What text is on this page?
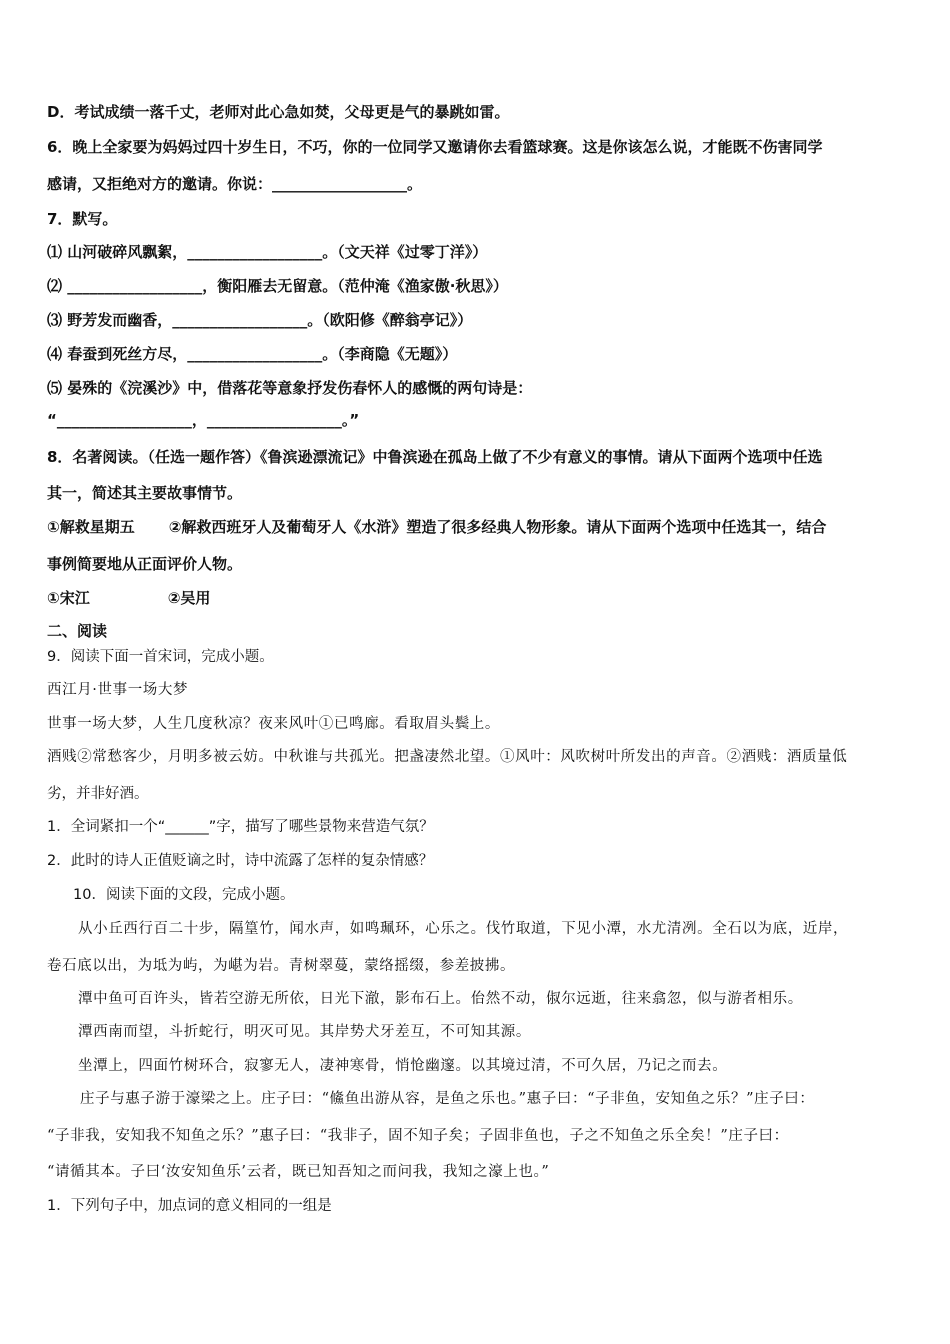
D．考试成绩一落千丈，老师对此心急如焚，父母更是气的暴跳如雷。
6．晚上全家要为妈妈过四十岁生日，不巧，你的一位同学又邀请你去看篮球赛。这是你该怎么说，才能既不伤害同学
感请，又拒绝对方的邀请。你说：__________________。
7．默写。
⑴ 山河破碎风飘絮，__________________。（文天祥《过零丁洋》）
⑵ __________________，衡阳雁去无留意。（范仲淹《渔家傲·秋思》）
⑶ 野芳发而幽香，__________________。（欧阳修《醉翁亭记》）
⑷ 春蚕到死丝方尽，__________________。（李商隐《无题》）
⑸ 晏殊的《浣溪沙》中，借落花等意象抒发伤春怀人的感慨的两句诗是：
“__________________，__________________。”
8．名著阅读。（任选一题作答）《鲁滨逊漂流记》中鲁滨逊在孤岛上做了不少有意义的事情。请从下面两个选项中任选
其一，简述其主要故事情节。
①解救星期五 ②解救西班牙人及葡萄牙人《水浒》塑造了很多经典人物形象。请从下面两个选项中任选其一，结合
事例简要地从正面评价人物。
①宋江	②吴用
二、阅读
9．阅读下面一首宋词，完成小题。
西江月·世事一场大梦
世事一场大梦，人生几度秋凉？夜来风叶①已鸣廊。看取眉头鬓上。
酒贱②常愁客少，月明多被云妨。中秋谁与共孤光。把盏凄然北望。①风叶：风吹树叶所发出的声音。②酒贱：酒质量低
劣，并非好酒。
1．全词紧扣一个“______”字，描写了哪些景物来营造气氛？
2．此时的诗人正值贬谪之时，诗中流露了怎样的复杂情感？
10．阅读下面的文段，完成小题。
从小丘西行百二十步，隔篁竹，闻水声，如鸣珮环，心乐之。伐竹取道，下见小潭，水尤清冽。全石以为底，近岸，
卷石底以出，为坻为屿，为嵁为岩。青树翠蔓，蒙络摇缀，参差披拂。
潭中鱼可百许头，皆若空游无所依，日光下澈，影布石上。佁然不动，俶尔远逝，往来翕忽，似与游者相乐。
潭西南而望，斗折蛇行，明灭可见。其岸势犬牙差互，不可知其源。
坐潭上，四面竹树环合，寂寥无人，凄神寒骨，悄怆幽邃。以其境过清，不可久居，乃记之而去。
庄子与惠子游于濠梁之上。庄子曰：“鯈鱼出游从容，是鱼之乐也。”惠子曰：“子非鱼，安知鱼之乐？”庄子曰：
“子非我，安知我不知鱼之乐？”惠子曰：“我非子，固不知子矣；子固非鱼也，子之不知鱼之乐全矣！”庄子曰：
“请循其本。子曰‘汝安知鱼乐’云者，既已知吾知之而问我，我知之濠上也。”
1．下列句子中，加点词的意义相同的一组是
